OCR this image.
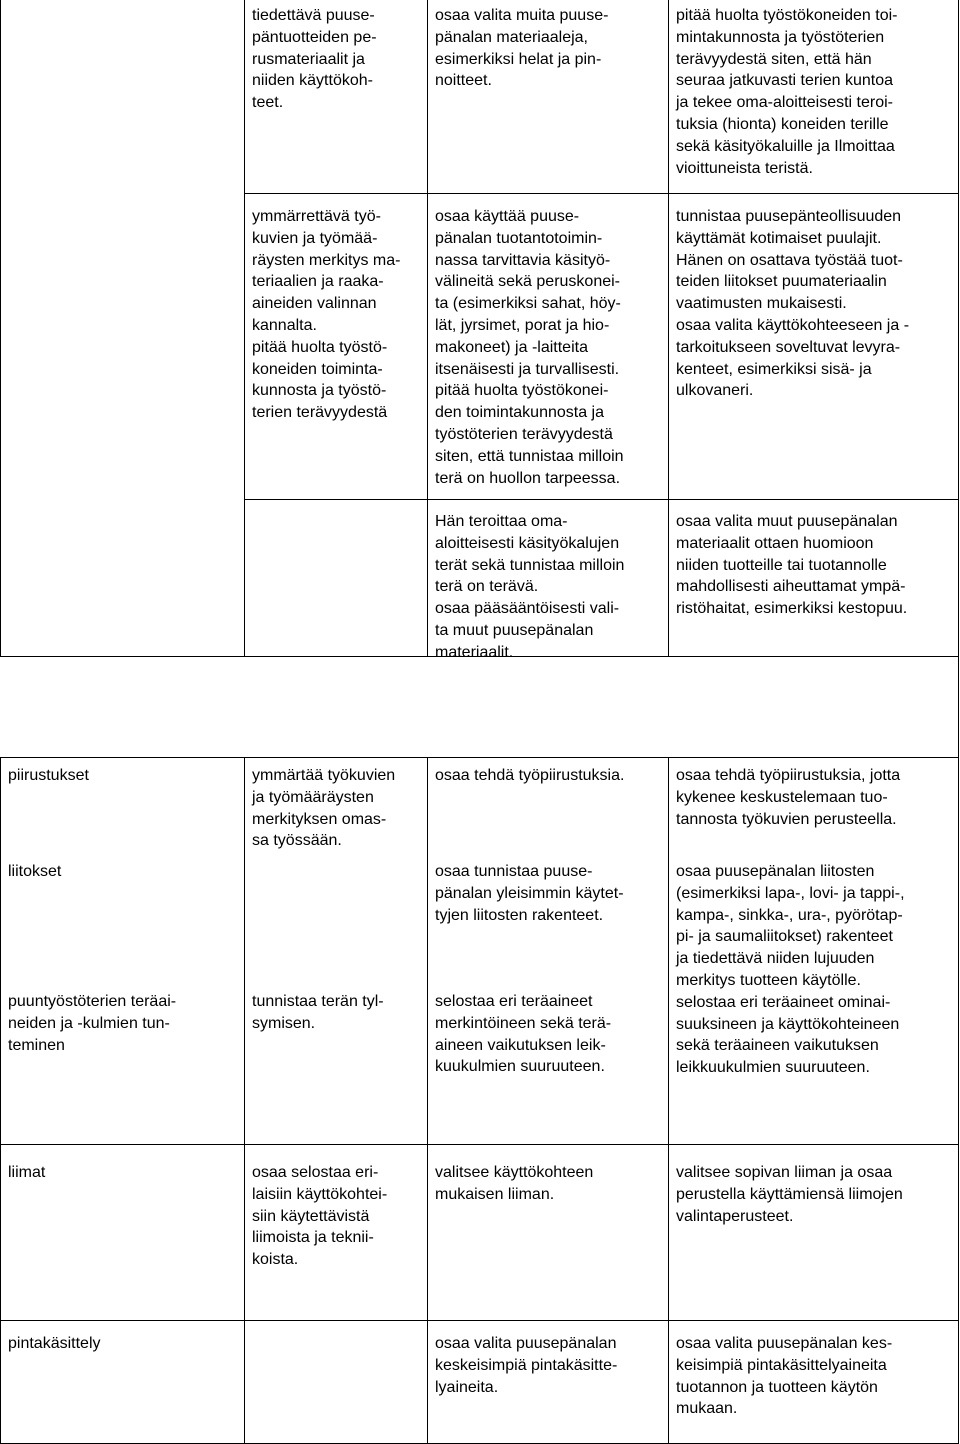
tiedettävä puuse-
päntuotteiden pe-
rusmateriaalit ja
niiden käyttökoh-
teet.
osaa valita muita puuse-
pänalan materiaaleja,
esimerkiksi helat ja pin-
noitteet.
pitää huolta työstökoneiden toi-
mintakunnosta ja työstöterien
terävyydestä siten, että hän
seuraa jatkuvasti terien kuntoa
ja tekee oma-aloitteisesti teroi-
tuksia (hionta) koneiden terille
sekä käsityökaluille ja Ilmoittaa
vioittuneista teristä.
ymmärrettävä työ-
kuvien ja työmää-
räysten merkitys ma-
teriaalien ja raaka-
aineiden valinnan
kannalta.
pitää huolta työstö-
koneiden toiminta-
kunnosta ja työstö-
terien terävyydestä
osaa käyttää puuse-
pänalan tuotantotoimin-
nassa tarvittavia käsityö-
välineitä sekä peruskonei-
ta (esimerkiksi sahat, höy-
lät, jyrsimet, porat ja hio-
makoneet) ja -laitteita
itsenäisesti ja turvallisesti.
pitää huolta työstökonei-
den toimintakunnosta ja
työstöterien terävyydestä
siten, että tunnistaa milloin
terä on huollon tarpeessa.
tunnistaa puusepänteollisuuden
käyttämät kotimaiset puulajit.
Hänen on osattava työstää tuot-
teiden liitokset puumateriaalin
vaatimusten mukaisesti.
osaa valita käyttökohteeseen ja -
tarkoitukseen soveltuvat levyra-
kenteet, esimerkiksi sisä- ja
ulkovaneri.
Hän teroittaa oma-
aloitteisesti käsityökalujen
terät sekä tunnistaa milloin
terä on terävä.
osaa pääsääntöisesti vali-
ta muut puusepänalan
materiaalit.
osaa valita muut puusepänalan
materiaalit ottaen huomioon
niiden tuotteille tai tuotannolle
mahdollisesti aiheuttamat ympä-
ristöhaitat, esimerkiksi kestopuu.
piirustukset
liitokset
puuntyöstöterien teräai-
neiden ja -kulmien tun-
teminen
ymmärtää työkuvien
ja työmääräysten
merkityksen omas-
sa työssään.
tunnistaa terän tyl-
symisen.
osaa tehdä työpiirustuksia.
osaa tunnistaa puuse-
pänalan yleisimmin käytet-
tyjen liitosten rakenteet.
selostaa eri teräaineet
merkintöineen sekä terä-
aineen vaikutuksen leik-
kuukulmien suuruuteen.
osaa tehdä työpiirustuksia, jotta
kykenee keskustelemaan tuo-
tannosta työkuvien perusteella.
osaa puusepänalan liitosten
(esimerkiksi lapa-, lovi- ja tappi-,
kampa-, sinkka-, ura-, pyörötap-
pi- ja saumaliitokset) rakenteet
ja tiedettävä niiden lujuuden
merkitys tuotteen käytölle.
selostaa eri teräaineet ominai-
suuksineen ja käyttökohteineen
sekä teräaineen vaikutuksen
leikkuukulmien suuruuteen.
liimat	osaa selostaa eri-
laisiin käyttökohtei-
siin käytettävistä
liimoista ja teknii-
koista.
valitsee käyttökohteen
mukaisen liiman.
valitsee sopivan liiman ja osaa
perustella käyttämiensä liimojen
valintaperusteet.
pintakäsittely	osaa valita puusepänalan
keskeisimpiä pintakäsitte-
lyaineita.
osaa valita puusepänalan kes-
keisimpiä pintakäsittelyaineita
tuotannon ja tuotteen käytön
mukaan.
